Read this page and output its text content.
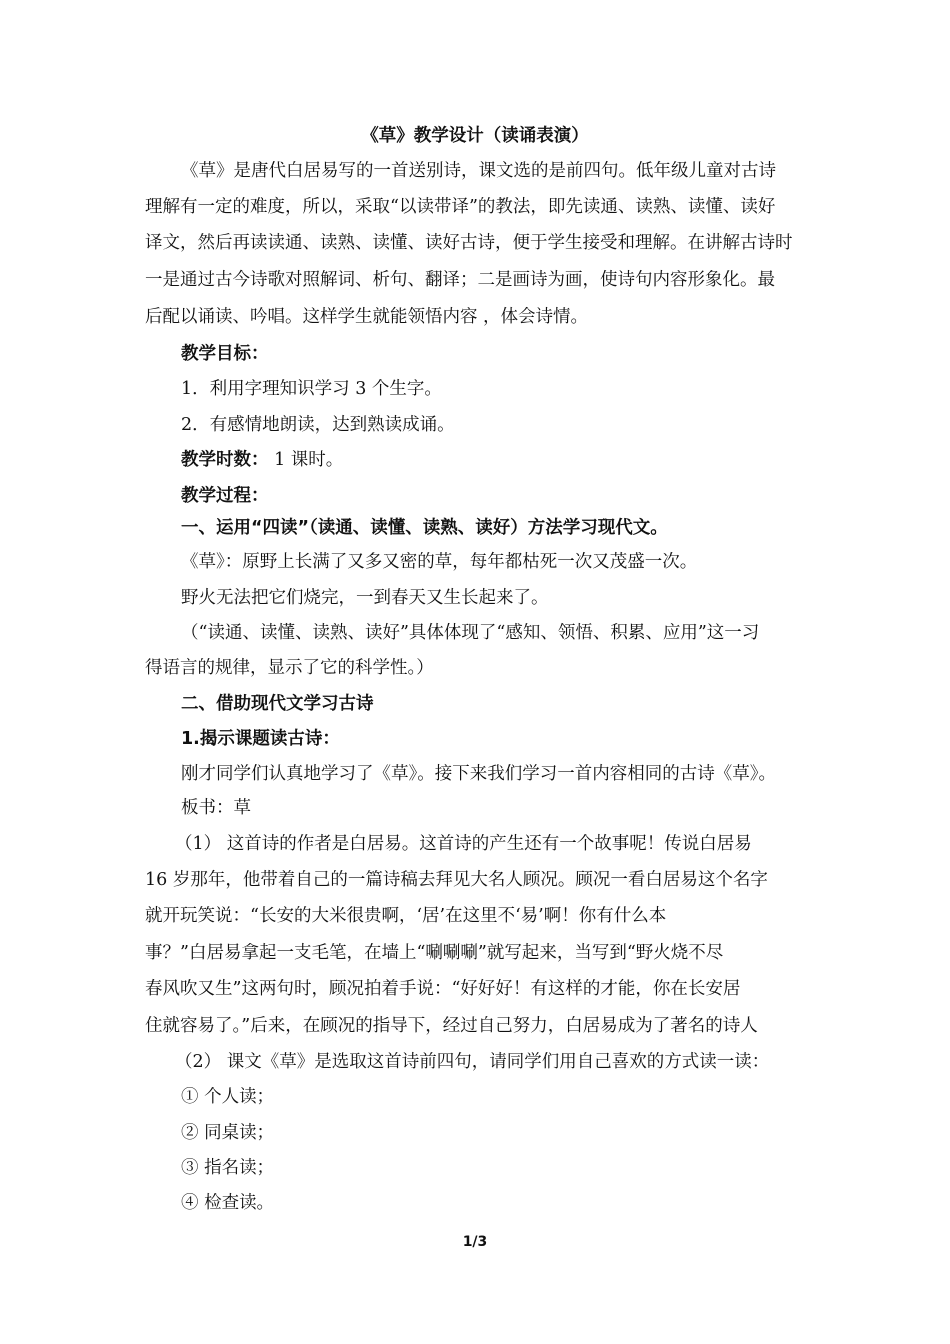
《草》教学设计（读诵表演）
《草》是唐代白居易写的一首送别诗，课文选的是前四句。低年级儿童对古诗
理解有一定的难度，所以，采取“以读带译”的教法，即先读通、读熟、读懂、读好
译文，然后再读读通、读熟、读懂、读好古诗，便于学生接受和理解。在讲解古诗时
一是通过古今诗歌对照解词、析句、翻译；二是画诗为画，使诗句内容形象化。最
后配以诵读、吟唱。这样学生就能领悟内容 ，体会诗情。
教学目标：
1．利用字理知识学习 3 个生字。
2．有感情地朗读，达到熟读成诵。
教学时数： 1 课时。
教学过程：
一、运用“四读”（读通、读懂、读熟、读好）方法学习现代文。
《草》：原野上长满了又多又密的草，每年都枯死一次又茂盛一次。
野火无法把它们烧完，一到春天又生长起来了。
（“读通、读懂、读熟、读好”具体体现了“感知、领悟、积累、应用”这一习
得语言的规律，显示了它的科学性。）
二、借助现代文学习古诗
1.揭示课题读古诗：
刚才同学们认真地学习了《草》。接下来我们学习一首内容相同的古诗《草》。
板书：草
（1） 这首诗的作者是白居易。这首诗的产生还有一个故事呢！传说白居易
16 岁那年，他带着自己的一篇诗稿去拜见大名人顾况。顾况一看白居易这个名字
就开玩笑说：“长安的大米很贵啊，‘居’在这里不‘易’啊！你有什么本
事？”白居易拿起一支毛笔，在墙上“唰唰唰”就写起来，当写到“野火烧不尽
春风吹又生”这两句时，顾况拍着手说：“好好好！有这样的才能，你在长安居
住就容易了。”后来，在顾况的指导下，经过自己努力，白居易成为了著名的诗人
（2） 课文《草》是选取这首诗前四句，请同学们用自己喜欢的方式读一读：
① 个人读；
② 同桌读；
③ 指名读；
④ 检查读。
1/3
